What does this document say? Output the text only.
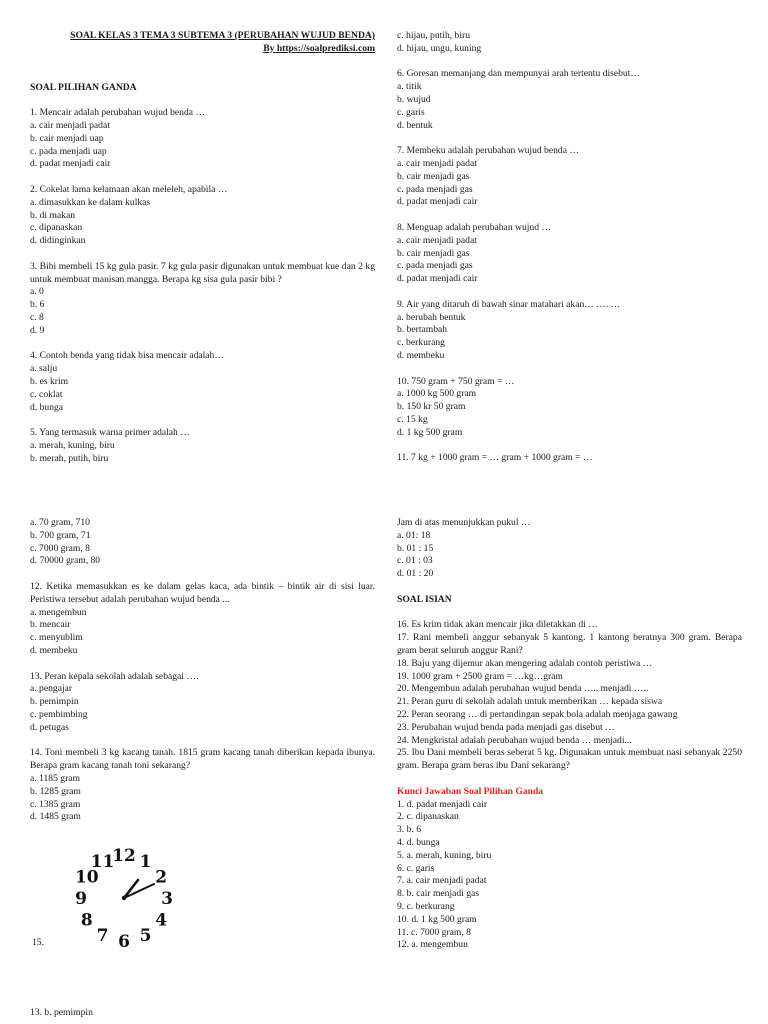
SOAL KELAS 3 TEMA 3 SUBTEMA 3 (PERUBAHAN WUJUD BENDA)
By https://soalprediksi.com
SOAL PILIHAN GANDA
1. Mencair adalah perubahan wujud benda …
a. cair menjadi padat
b. cair menjadi uap
c. pada menjadi uap
d. padat menjadi cair
2. Cokelat lama kelamaan akan meleleh, apabila …
a. dimasukkan ke dalam kulkas
b. di makan
c. dipanaskan
d. didinginkan
3. Bibi membeli 15 kg gula pasir. 7 kg gula pasir digunakan untuk membuat kue dan 2 kg untuk membuat manisan mangga. Berapa kg sisa gula pasir bibi ?
a. 0
b. 6
c. 8
d. 9
4. Contoh benda yang tidak bisa mencair adalah…
a. salju
b. es krim
c. coklat
d. bunga
5. Yang termasuk warna primer adalah …
a. merah, kuning, biru
b. merah, putih, biru
c. hijau, putih, biru
d. hijau, ungu, kuning
6. Goresan memanjang dan mempunyai arah tertentu disebut…
a. titik
b. wujud
c. garis
d. bentuk
7. Membeku adalah perubahan wujud benda …
a. cair menjadi padat
b. cair menjadi gas
c. pada menjadi gas
d. padat menjadi cair
8. Menguap adalah perubahan wujud …
a. cair menjadi padat
b. cair menjadi gas
c. pada menjadi gas
d. padat menjadi cair
9. Air yang ditaruh di bawah sinar matahari akan… …. …
a. berubah bentuk
b. bertambah
c. berkurang
d. membeku
10. 750 gram + 750 gram = …
a. 1000 kg 500 gram
b. 150 kr 50 gram
c. 15 kg
d. 1 kg 500 gram
11. 7 kg + 1000 gram = … gram + 1000 gram = …
a. 70 gram, 710
b. 700 gram, 71
c. 7000 gram, 8
d. 70000 gram, 80
12. Ketika memasukkan es ke dalam gelas kaca, ada bintik – bintik air di sisi luar. Peristiwa tersebut adalah perubahan wujud benda ...
a. mengembun
b. mencair
c. menyublim
d. membeku
13. Peran kepala sekolah adalah sebagai ….
a. pengajar
b. pemimpin
c. pembimbing
d. petugas
14. Toni membeli 3 kg kacang tanah. 1815 gram kacang tanah diberikan kepada ibunya. Berapa gram kacang tanah toni sekarang?
a. 1185 gram
b. 1285 gram
c. 1385 gram
d. 1485 gram
11
10
9
8
7 6 5
4
3
2
1
12
15.
Jam di atas menunjukkan pukul …
a. 01: 18
b. 01 : 15
c. 01 : 03
d. 01 : 20
SOAL ISIAN
16. Es krim tidak akan mencair jika diletakkan di …
17. Rani membeli anggur sebanyak 5 kantong. 1 kantong beratnya 300 gram. Berapa gram berat seluruh anggur Rani?
18. Baju yang dijemur akan mengering adalah contoh peristiwa …
19. 1000 gram + 2500 gram = …kg…gram
20. Mengembun adalah perubahan wujud benda ….. menjadi …..
21. Peran guru di sekolah adalah untuk memberikan … kepada siswa
22. Peran seorang … di pertandingan sepak bola adalah menjaga gawang
23. Perubahan wujud benda pada menjadi gas disebut …
24. Mengkristal adalah perubahan wujud benda … menjadi...
25. Ibu Dani membeli beras seberat 5 kg. Digunakan untuk membuat nasi sebanyak 2250 gram. Berapa gram beras ibu Dani sekarang?
Kunci Jawaban Soal Pilihan Ganda
1. d. padat menjadi cair
2. c. dipanaskan
3. b. 6
4. d. bunga
5. a. merah, kuning, biru
6. c. garis
7. a. cair menjadi padat
8. b. cair menjadi gas
9. c. berkurang
10. d. 1 kg 500 gram
11. c. 7000 gram, 8
12. a. mengembun
13. b. pemimpin
